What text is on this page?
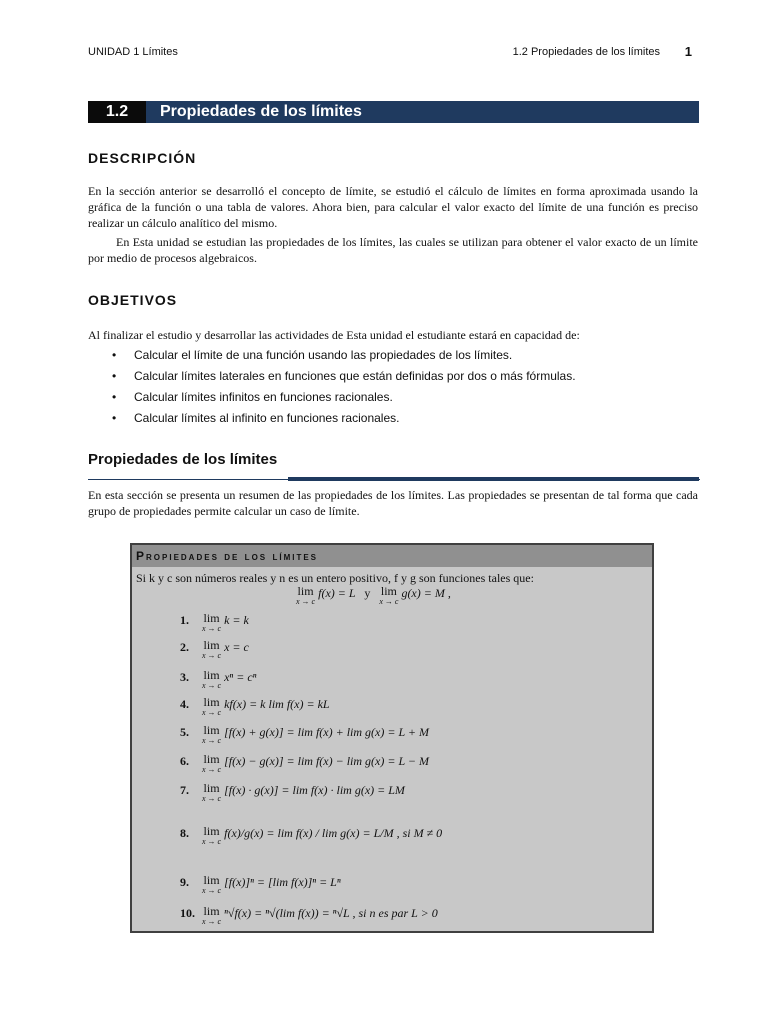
UNIDAD 1 Límites	1.2 Propiedades de los límites 1
1.2	Propiedades de los límites
DESCRIPCIÓN

En la sección anterior se desarrolló el concepto de límite, se estudió el cálculo de límites en forma aproximada usando la gráfica de la función o una tabla de valores. Ahora bien, para calcular el valor exacto del límite de una función es preciso realizar un cálculo analítico del mismo.

En Esta unidad se estudian las propiedades de los límites, las cuales se utilizan para obtener el valor exacto de un límite por medio de procesos algebraicos.

OBJETIVOS
Al finalizar el estudio y desarrollar las actividades de Esta unidad el estudiante estará en capacidad de:
• Calcular el límite de una función usando las propiedades de los límites.
• Calcular límites laterales en funciones que están definidas por dos o más fórmulas.
• Calcular límites infinitos en funciones racionales.
• Calcular límites al infinito en funciones racionales.
Propiedades de los límites
En esta sección se presenta un resumen de las propiedades de los límites. Las propiedades se presentan de tal forma que cada grupo de propiedades permite calcular un caso de límite.
Propiedades de los límites
Si k y c son números reales y n es un entero positivo, f y g son funciones tales que:
lim
x → c
f(x) = L y lim
x → c
g(x) = M ,
1. lim
x → c
k = k
2. lim
x → c
x = c
3. lim
x → c
xⁿ = cⁿ
4. lim
x → c
kf(x) = k lim f(x) = kL
5. lim
x → c
[f(x) + g(x)] = lim f(x) + lim g(x) = L + M
6. lim
x → c
[f(x) − g(x)] = lim f(x) − lim g(x) = L − M
7. lim
x → c
[f(x) · g(x)] = lim f(x) · lim g(x) = LM
8. lim
x → c
f(x)/g(x) = lim f(x) / lim g(x) = L/M , si M ≠ 0
9. lim
x → c
[f(x)]ⁿ = [lim f(x)]ⁿ = Lⁿ
10. lim
x → c
ⁿ√f(x) = ⁿ√(lim f(x)) = ⁿ√L , si n es par L > 0
